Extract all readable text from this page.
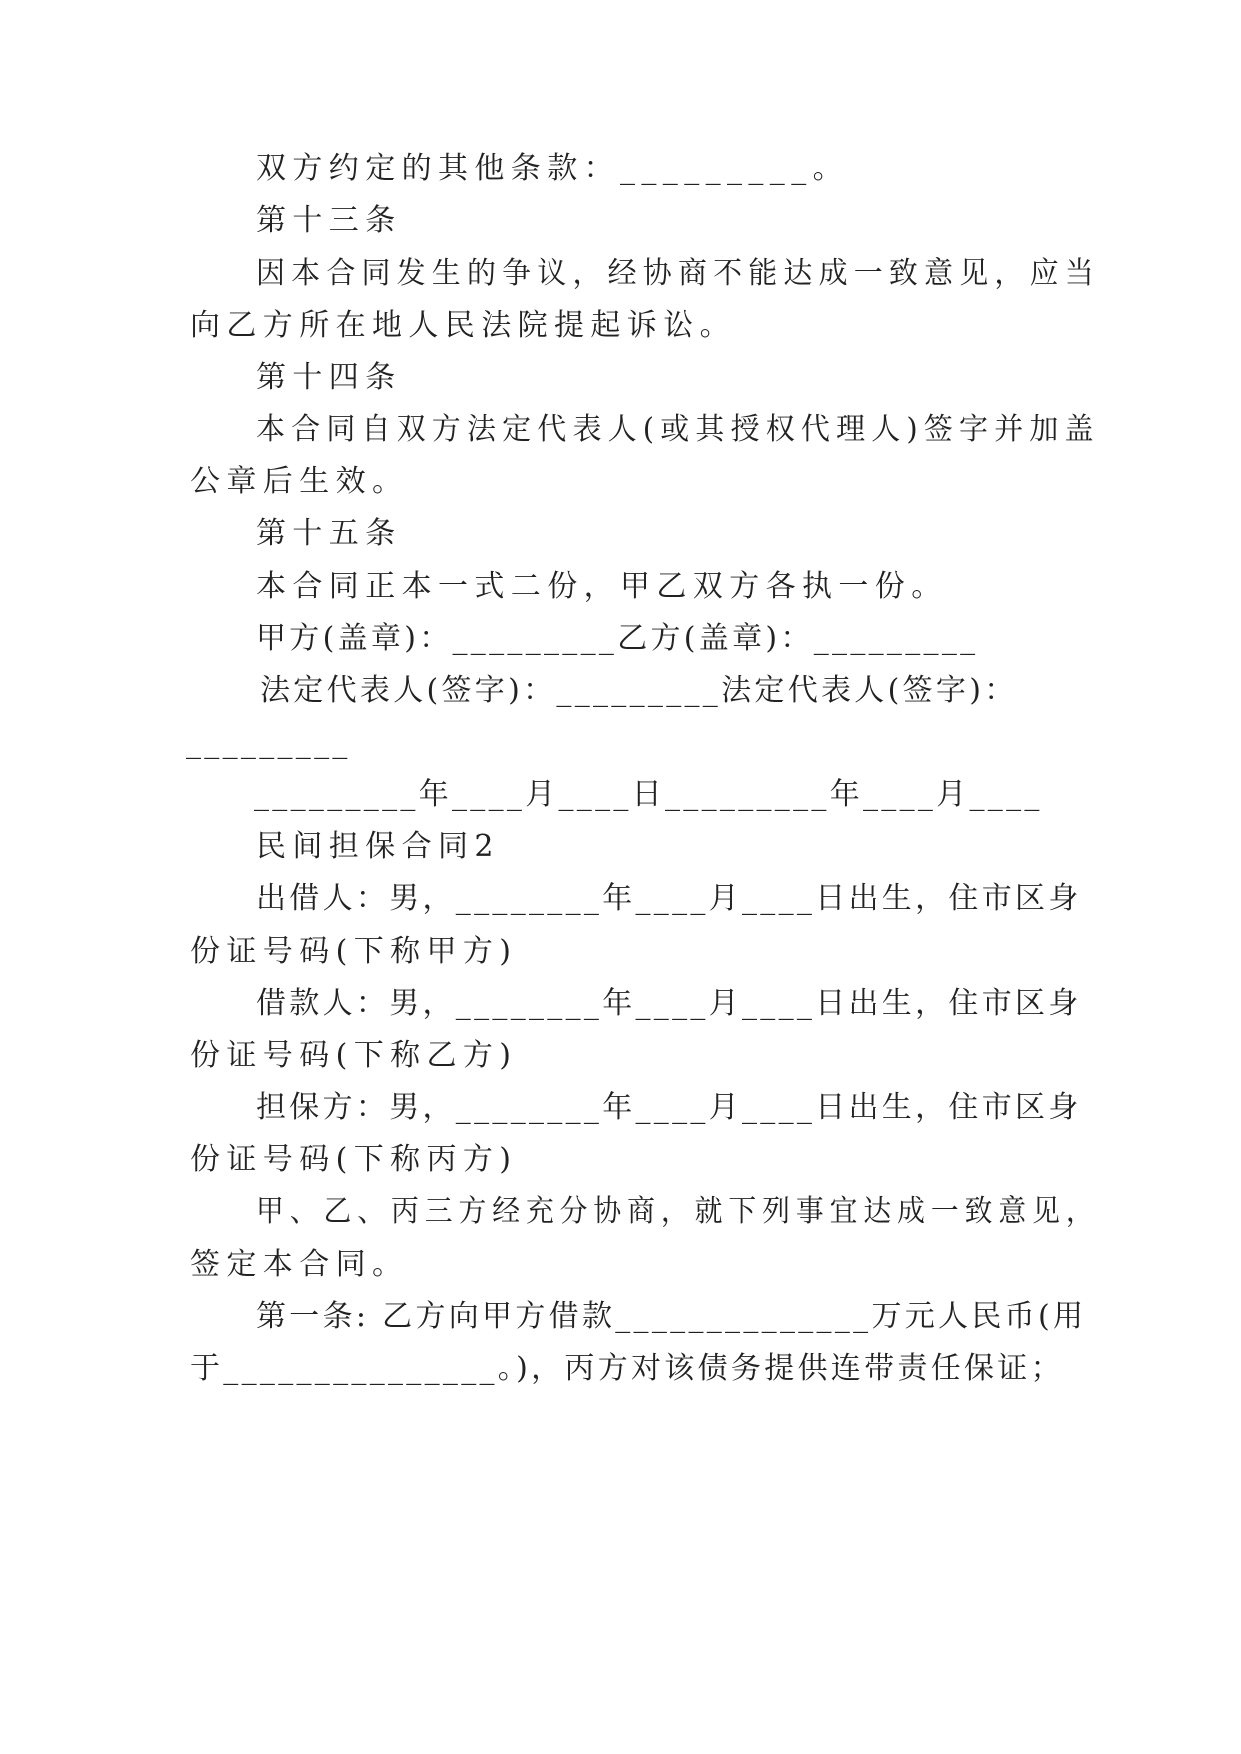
双方约定的其他条款：_________。
第十三条
因本合同发生的争议，经协商不能达成一致意见，应当
向乙方所在地人民法院提起诉讼。
第十四条
本合同自双方法定代表人(或其授权代理人)签字并加盖
公章后生效。
第十五条
本合同正本一式二份，甲乙双方各执一份。
甲方(盖章)：_________乙方(盖章)：_________
法定代表人(签字)：_________法定代表人(签字)：
_________
_________年____月____日_________年____月____
民间担保合同2
出借人：男，________年____月____日出生，住市区身
份证号码(下称甲方)
借款人：男，________年____月____日出生，住市区身
份证号码(下称乙方)
担保方：男，________年____月____日出生，住市区身
份证号码(下称丙方)
甲、乙、丙三方经充分协商，就下列事宜达成一致意见，
签定本合同。
第一条: 乙方向甲方借款______________万元人民币(用
于_______________。)，丙方对该债务提供连带责任保证；
